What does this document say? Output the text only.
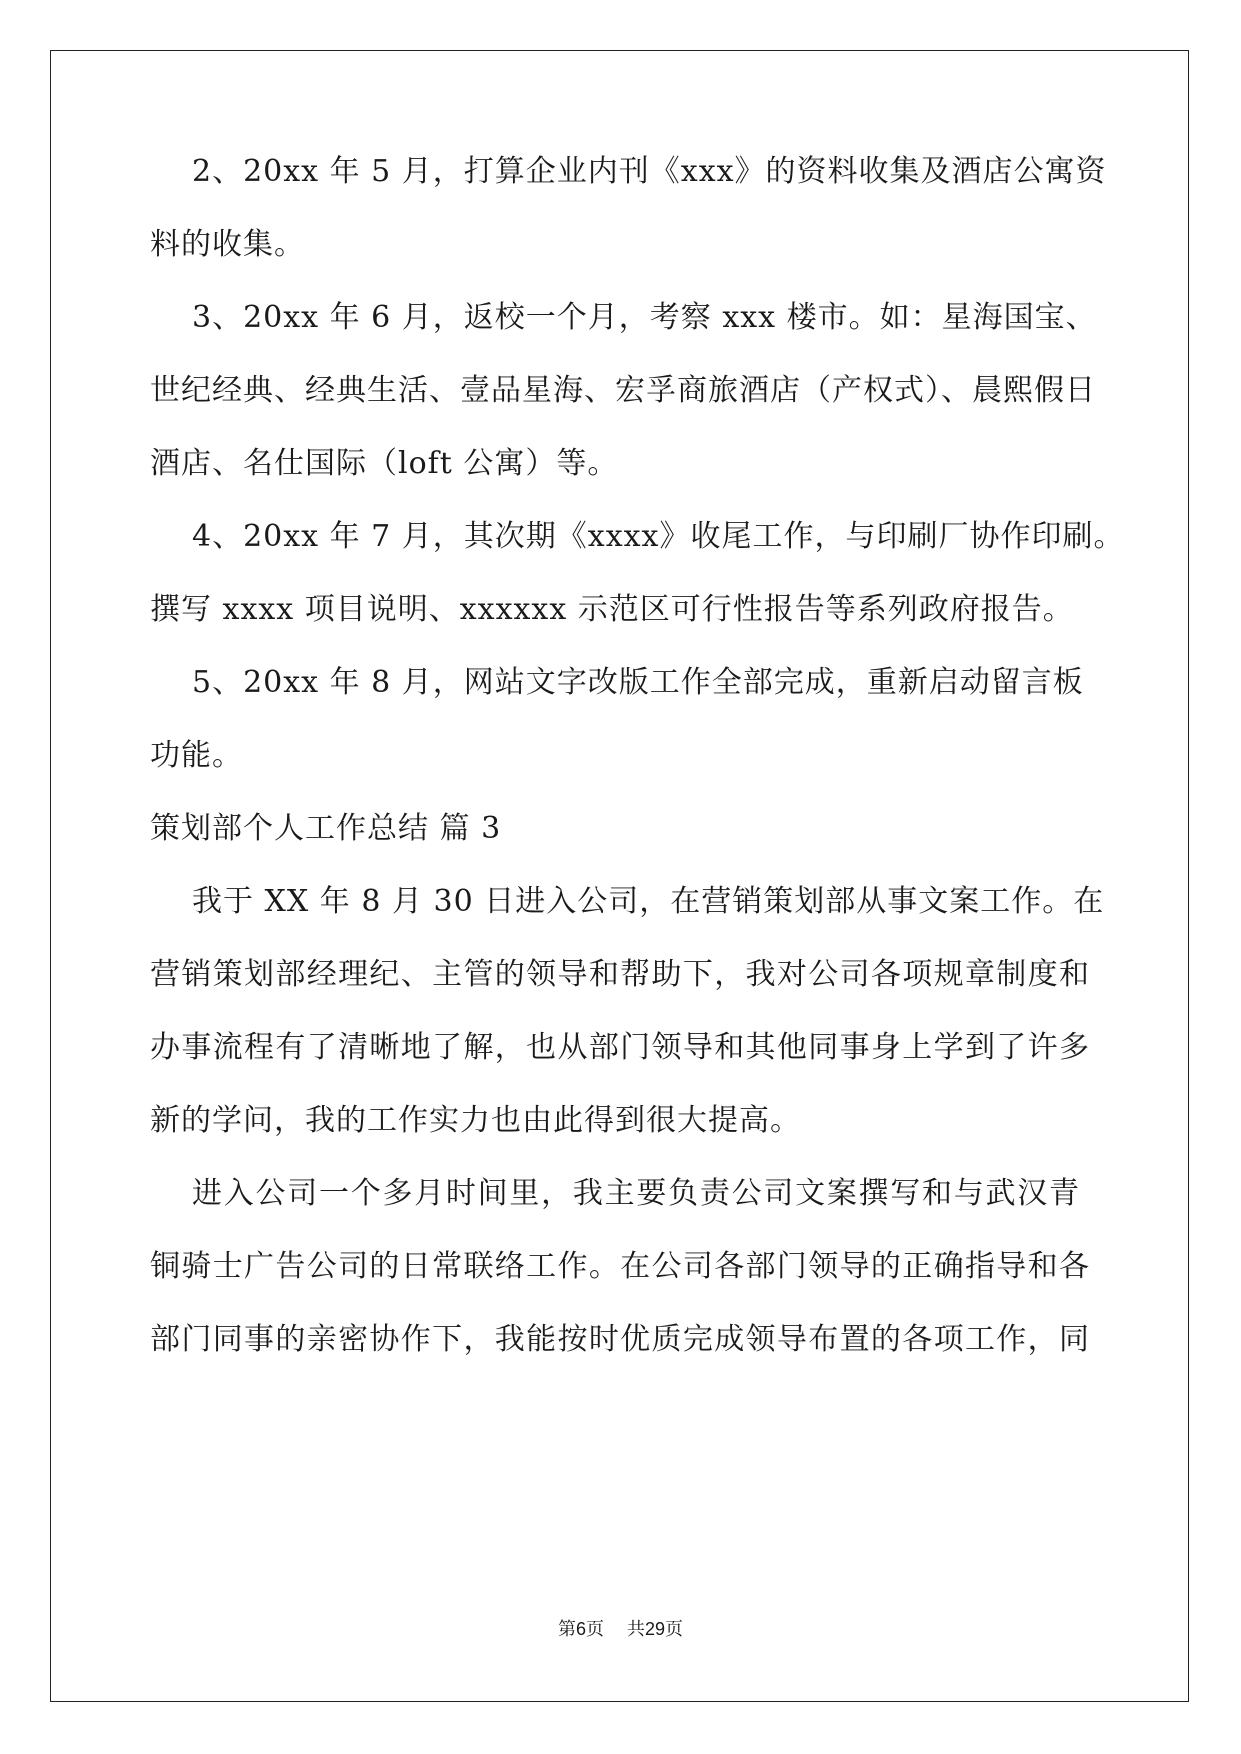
2、20xx 年 5 月，打算企业内刊《xxx》的资料收集及酒店公寓资
料的收集。
3、20xx 年 6 月，返校一个月，考察 xxx 楼市。如：星海国宝、
世纪经典、经典生活、壹品星海、宏孚商旅酒店（产权式）、晨熙假日
酒店、名仕国际（loft 公寓）等。
4、20xx 年 7 月，其次期《xxxx》收尾工作，与印刷厂协作印刷。
撰写 xxxx 项目说明、xxxxxx 示范区可行性报告等系列政府报告。
5、20xx 年 8 月，网站文字改版工作全部完成，重新启动留言板
功能。
策划部个人工作总结 篇 3
我于 XX 年 8 月 30 日进入公司，在营销策划部从事文案工作。在
营销策划部经理纪、主管的领导和帮助下，我对公司各项规章制度和
办事流程有了清晰地了解，也从部门领导和其他同事身上学到了许多
新的学问，我的工作实力也由此得到很大提高。
进入公司一个多月时间里，我主要负责公司文案撰写和与武汉青
铜骑士广告公司的日常联络工作。在公司各部门领导的正确指导和各
部门同事的亲密协作下，我能按时优质完成领导布置的各项工作，同
第6页    共29页
